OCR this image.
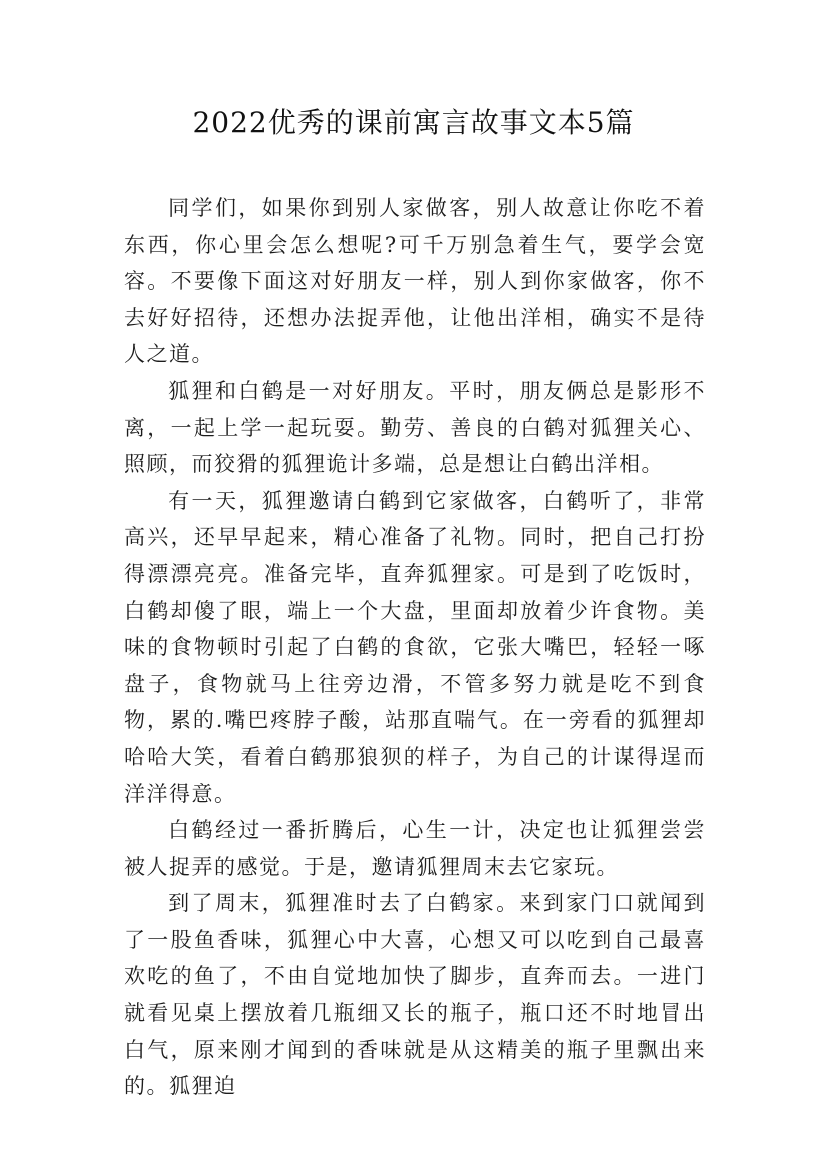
2022优秀的课前寓言故事文本5篇

同学们，如果你到别人家做客，别人故意让你吃不着东西，你心里会怎么想呢?可千万别急着生气，要学会宽容。不要像下面这对好朋友一样，别人到你家做客，你不去好好招待，还想办法捉弄他，让他出洋相，确实不是待人之道。

狐狸和白鹤是一对好朋友。平时，朋友俩总是影形不离，一起上学一起玩耍。勤劳、善良的白鹤对狐狸关心、照顾，而狡猾的狐狸诡计多端，总是想让白鹤出洋相。

有一天，狐狸邀请白鹤到它家做客，白鹤听了，非常高兴，还早早起来，精心准备了礼物。同时，把自己打扮得漂漂亮亮。准备完毕，直奔狐狸家。可是到了吃饭时，白鹤却傻了眼，端上一个大盘，里面却放着少许食物。美味的食物顿时引起了白鹤的食欲，它张大嘴巴，轻轻一啄盘子，食物就马上往旁边滑，不管多努力就是吃不到食物，累的.嘴巴疼脖子酸，站那直喘气。在一旁看的狐狸却哈哈大笑，看着白鹤那狼狈的样子，为自己的计谋得逞而洋洋得意。

白鹤经过一番折腾后，心生一计，决定也让狐狸尝尝被人捉弄的感觉。于是，邀请狐狸周末去它家玩。

到了周末，狐狸准时去了白鹤家。来到家门口就闻到了一股鱼香味，狐狸心中大喜，心想又可以吃到自己最喜欢吃的鱼了，不由自觉地加快了脚步，直奔而去。一进门就看见桌上摆放着几瓶细又长的瓶子，瓶口还不时地冒出白气，原来刚才闻到的香味就是从这精美的瓶子里飘出来的。狐狸迫
